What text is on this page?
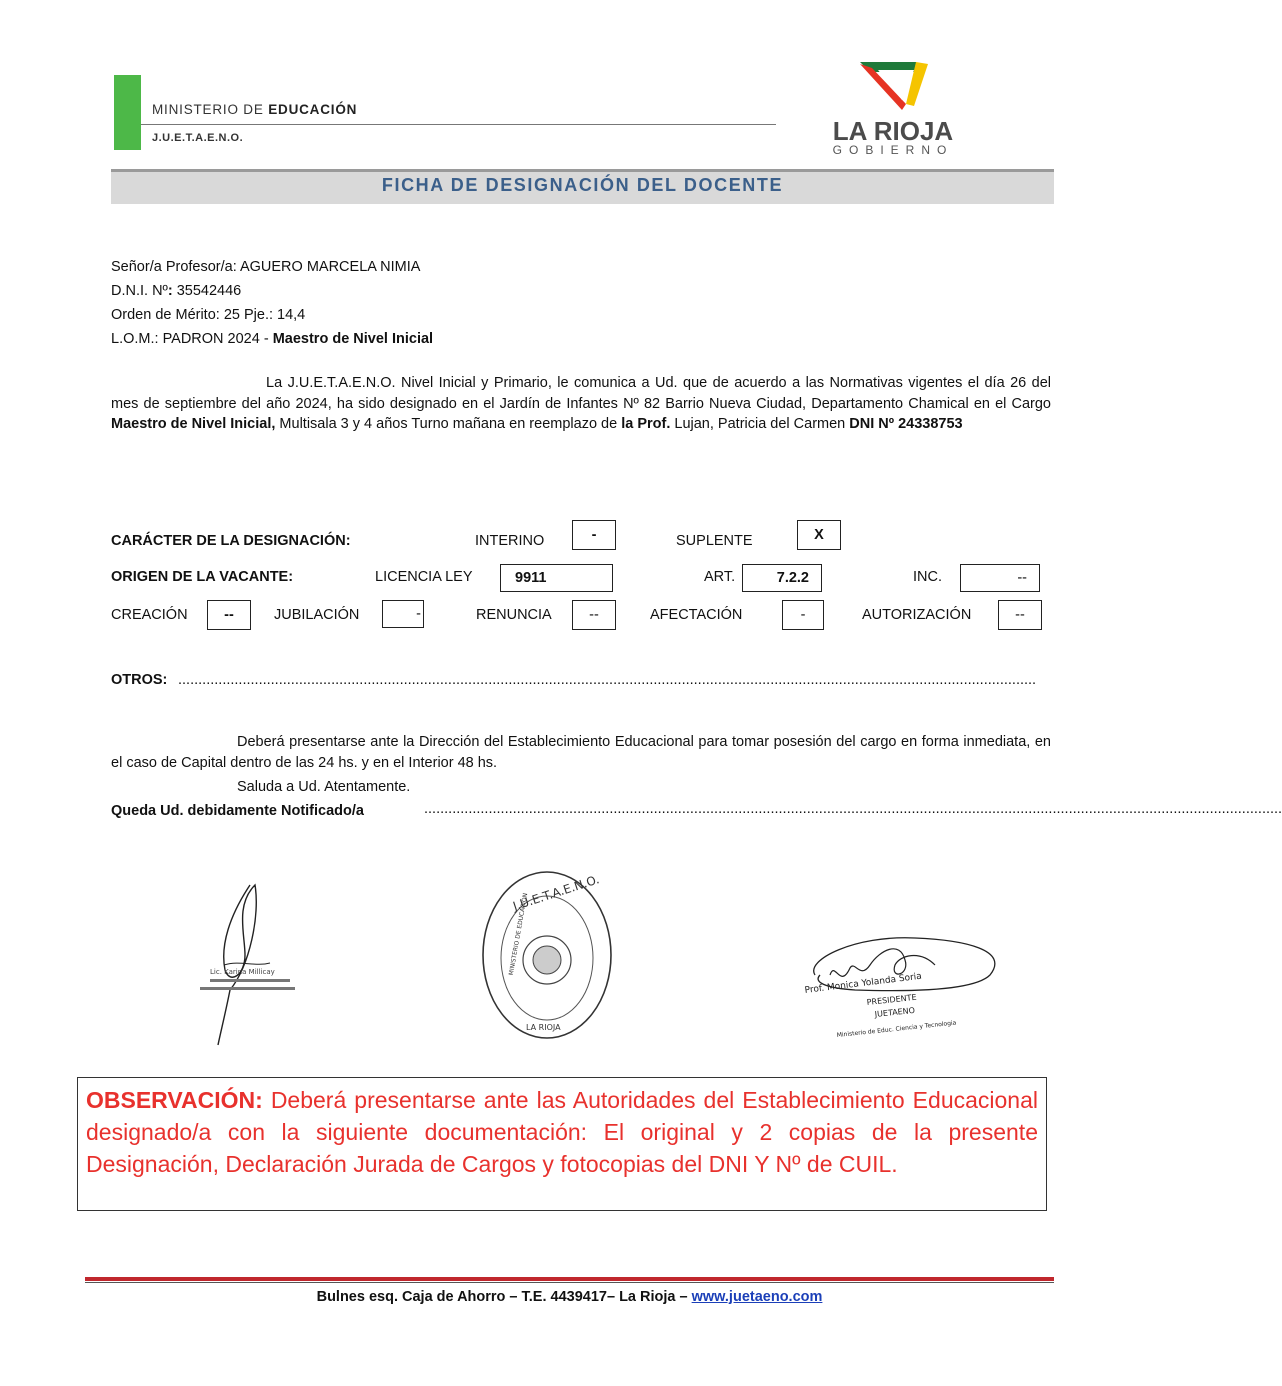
MINISTERIO DE EDUCACIÓN
J.U.E.T.A.E.N.O.	LA RIOJA
GOBIERNO
FICHA DE DESIGNACIÓN DEL DOCENTE
Señor/a Profesor/a: AGUERO MARCELA NIMIA
D.N.I. Nº: 35542446
Orden de Mérito: 25 Pje.: 14,4
L.O.M.: PADRON 2024 - Maestro de Nivel Inicial
La J.U.E.T.A.E.N.O. Nivel Inicial y Primario, le comunica a Ud. que de acuerdo a las Normativas vigentes el día 26 del mes de septiembre del año 2024, ha sido designado en el Jardín de Infantes Nº 82 Barrio Nueva Ciudad, Departamento Chamical en el Cargo Maestro de Nivel Inicial, Multisala 3 y 4 años Turno mañana en reemplazo de la Prof. Lujan, Patricia del Carmen DNI Nº 24338753
CARÁCTER DE LA DESIGNACIÓN:	INTERINO	-	SUPLENTE	X
ORIGEN DE LA VACANTE:	LICENCIA LEY	9911	ART.	7.2.2	INC.	--
CREACIÓN	--	JUBILACIÓN	-	RENUNCIA	--	AFECTACIÓN	-	AUTORIZACIÓN	--
OTROS: .....................................................................................................................................................................................................................
Deberá presentarse ante la Dirección del Establecimiento Educacional para tomar posesión del cargo en forma inmediata, en el caso de Capital dentro de las 24 hs. y en el Interior 48 hs.
Saluda a Ud. Atentamente.
Queda Ud. debidamente Notificado/a	.....................................................................................................................................................................................................................
Lic. Karina Millicay
J.U.E.T.A.E.N.O.
MINISTERIO DE EDUCACION
LA RIOJA
Prof. Monica Yolanda Soria
PRESIDENTE
JUETAENO
Ministerio de Educ. Ciencia y Tecnologia
OBSERVACIÓN: Deberá presentarse ante las Autoridades del Establecimiento Educacional designado/a con la siguiente documentación: El original y 2 copias de la presente Designación, Declaración Jurada de Cargos y fotocopias del DNI Y Nº de CUIL.
Bulnes esq. Caja de Ahorro – T.E. 4439417– La Rioja – www.juetaeno.com
